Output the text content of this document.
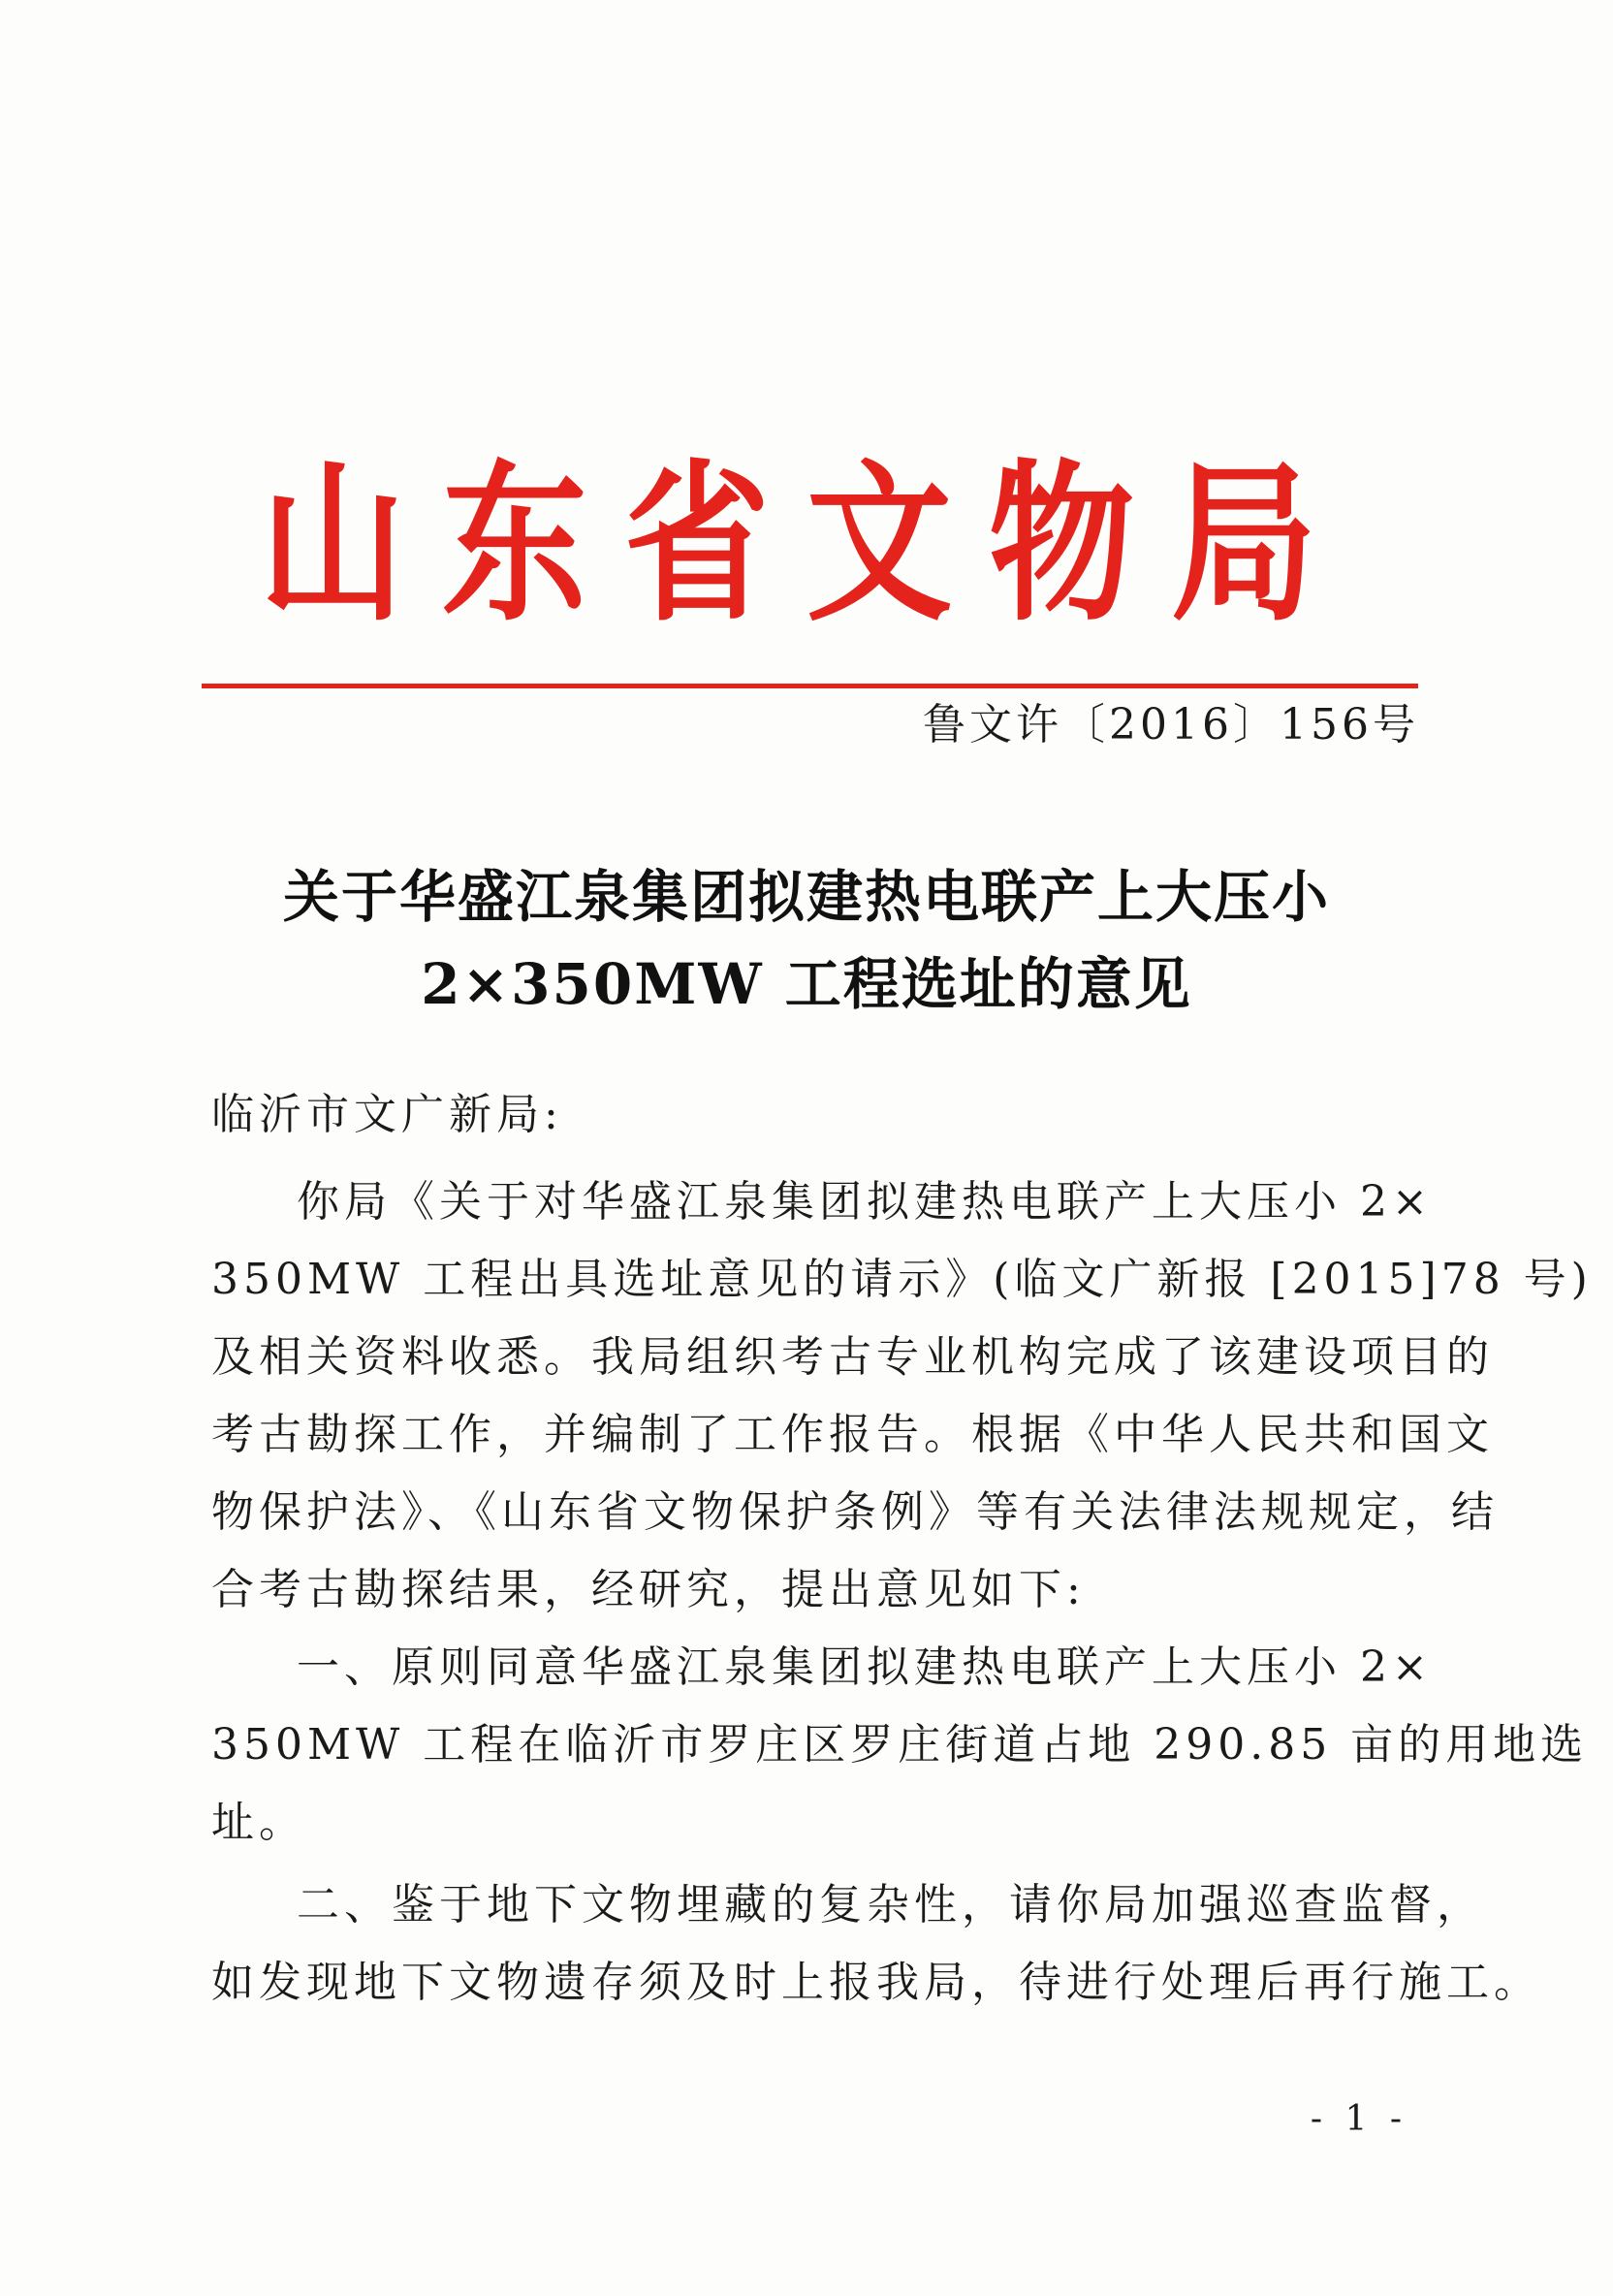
山东省文物局
鲁文许〔2016〕156号
关于华盛江泉集团拟建热电联产上大压小
2×350MW 工程选址的意见
临沂市文广新局:
你局《关于对华盛江泉集团拟建热电联产上大压小 2×
350MW 工程出具选址意见的请示》(临文广新报 [2015]78 号)
及相关资料收悉。我局组织考古专业机构完成了该建设项目的
考古勘探工作，并编制了工作报告。根据《中华人民共和国文
物保护法》、《山东省文物保护条例》等有关法律法规规定，结
合考古勘探结果，经研究，提出意见如下:
一、原则同意华盛江泉集团拟建热电联产上大压小 2×
350MW 工程在临沂市罗庄区罗庄街道占地 290.85 亩的用地选
址。
二、鉴于地下文物埋藏的复杂性，请你局加强巡查监督，
如发现地下文物遗存须及时上报我局，待进行处理后再行施工。
- 1 -
